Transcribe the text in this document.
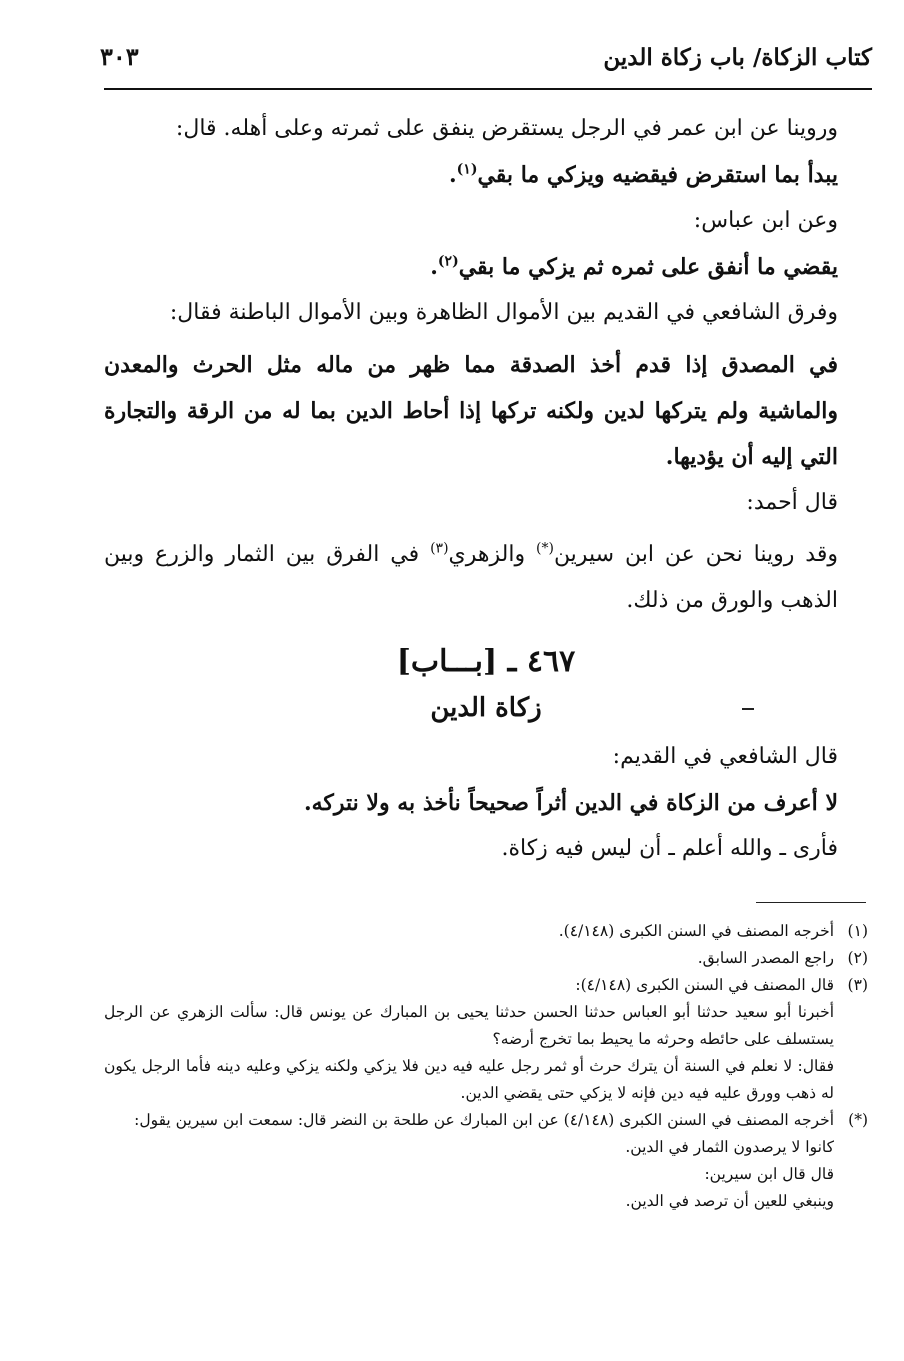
كتاب الزكاة/ باب زكاة الدين
٣٠٣

وروينا عن ابن عمر في الرجل يستقرض ينفق على ثمرته وعلى أهله. قال:

يبدأ بما استقرض فيقضيه ويزكي ما بقي$^{(١)}$.

وعن ابن عباس:

يقضي ما أنفق على ثمره ثم يزكي ما بقي$^{(٢)}$.

وفرق الشافعي في القديم بين الأموال الظاهرة وبين الأموال الباطنة فقال:

في المصدق إذا قدم أخذ الصدقة مما ظهر من ماله مثل الحرث والمعدن والماشية ولم يتركها لدين ولكنه تركها إذا أحاط الدين بما له من الرقة والتجارة التي إليه أن يؤديها.

قال أحمد:

وقد روينا نحن عن ابن سيرين(*) والزهري$^{(٣)}$ في الفرق بين الثمار والزرع وبين الذهب والورق من ذلك.

٤٦٧ ـ [بـــاب]

زكاة الدين

قال الشافعي في القديم:

لا أعرف من الزكاة في الدين أثراً صحيحاً نأخذ به ولا نتركه.

فأرى ـ والله أعلم ـ أن ليس فيه زكاة.

(١)

أخرجه المصنف في السنن الكبرى (٤/١٤٨).

(٢)

راجع المصدر السابق.

(٣)

قال المصنف في السنن الكبرى (٤/١٤٨):

أخبرنا أبو سعيد حدثنا أبو العباس حدثنا الحسن حدثنا يحيى بن المبارك عن يونس قال: سألت الزهري عن الرجل يستسلف على حائطه وحرثه ما يحيط بما تخرج أرضه؟

فقال: لا نعلم في السنة أن يترك حرث أو ثمر رجل عليه فيه دين فلا يزكي ولكنه يزكي وعليه دينه فأما الرجل يكون له ذهب وورق عليه فيه دين فإنه لا يزكي حتى يقضي الدين.

(*)

أخرجه المصنف في السنن الكبرى (٤/١٤٨) عن ابن المبارك عن طلحة بن النضر قال: سمعت ابن سيرين يقول:

كانوا لا يرصدون الثمار في الدين.

قال قال ابن سيرين:

وينبغي للعين أن ترصد في الدين.
